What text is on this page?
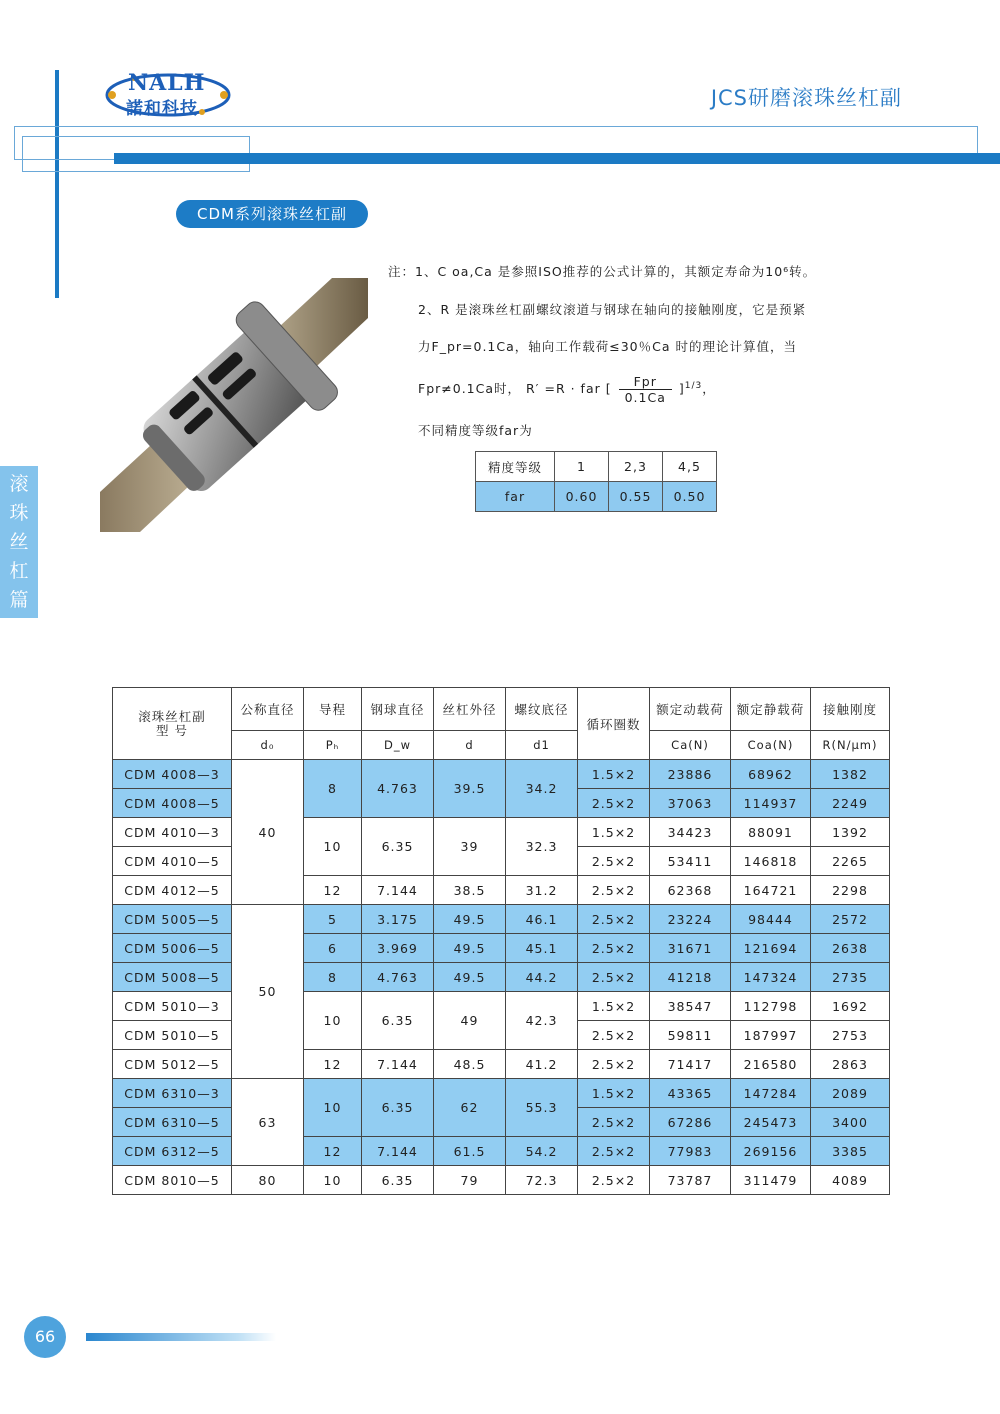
NALH
諾和科技	JCS研磨滚珠丝杠副
滚
珠
丝
杠
篇
CDM系列滚珠丝杠副
注：1、C oa,Ca 是参照ISO推荐的公式计算的，其额定寿命为10⁶转。
2、R 是滚珠丝杠副螺纹滚道与钢球在轴向的接触刚度，它是预紧
力F_pr=0.1Ca，轴向工作载荷≤30％Ca 时的理论计算值，当
Fpr≠0.1Ca时， R′ =R · far [	Fpr
0.1Ca
]$^{1/3}$，
不同精度等级far为
精度等级	1	2,3	4,5
far	0.60	0.55	0.50
滚珠丝杠副
型 号	公称直径	导程	钢球直径	丝杠外径	螺纹底径	循环圈数	额定动载荷	额定静载荷	接触刚度
	d₀	Pₕ	D_w	d	d1		Ca(N)	Coa(N)	R(N/μm)
CDM 4008—3	40	8	4.763	39.5	34.2	1.5×2	23886	68962	1382
CDM 4008—5						2.5×2	37063	114937	2249
CDM 4010—3		10	6.35	39	32.3	1.5×2	34423	88091	1392
CDM 4010—5						2.5×2	53411	146818	2265
CDM 4012—5		12	7.144	38.5	31.2	2.5×2	62368	164721	2298
CDM 5005—5	50	5	3.175	49.5	46.1	2.5×2	23224	98444	2572
CDM 5006—5		6	3.969	49.5	45.1	2.5×2	31671	121694	2638
CDM 5008—5		8	4.763	49.5	44.2	2.5×2	41218	147324	2735
CDM 5010—3		10	6.35	49	42.3	1.5×2	38547	112798	1692
CDM 5010—5						2.5×2	59811	187997	2753
CDM 5012—5		12	7.144	48.5	41.2	2.5×2	71417	216580	2863
CDM 6310—3	63	10	6.35	62	55.3	1.5×2	43365	147284	2089
CDM 6310—5						2.5×2	67286	245473	3400
CDM 6312—5		12	7.144	61.5	54.2	2.5×2	77983	269156	3385
CDM 8010—5	80	10	6.35	79	72.3	2.5×2	73787	311479	4089
66
